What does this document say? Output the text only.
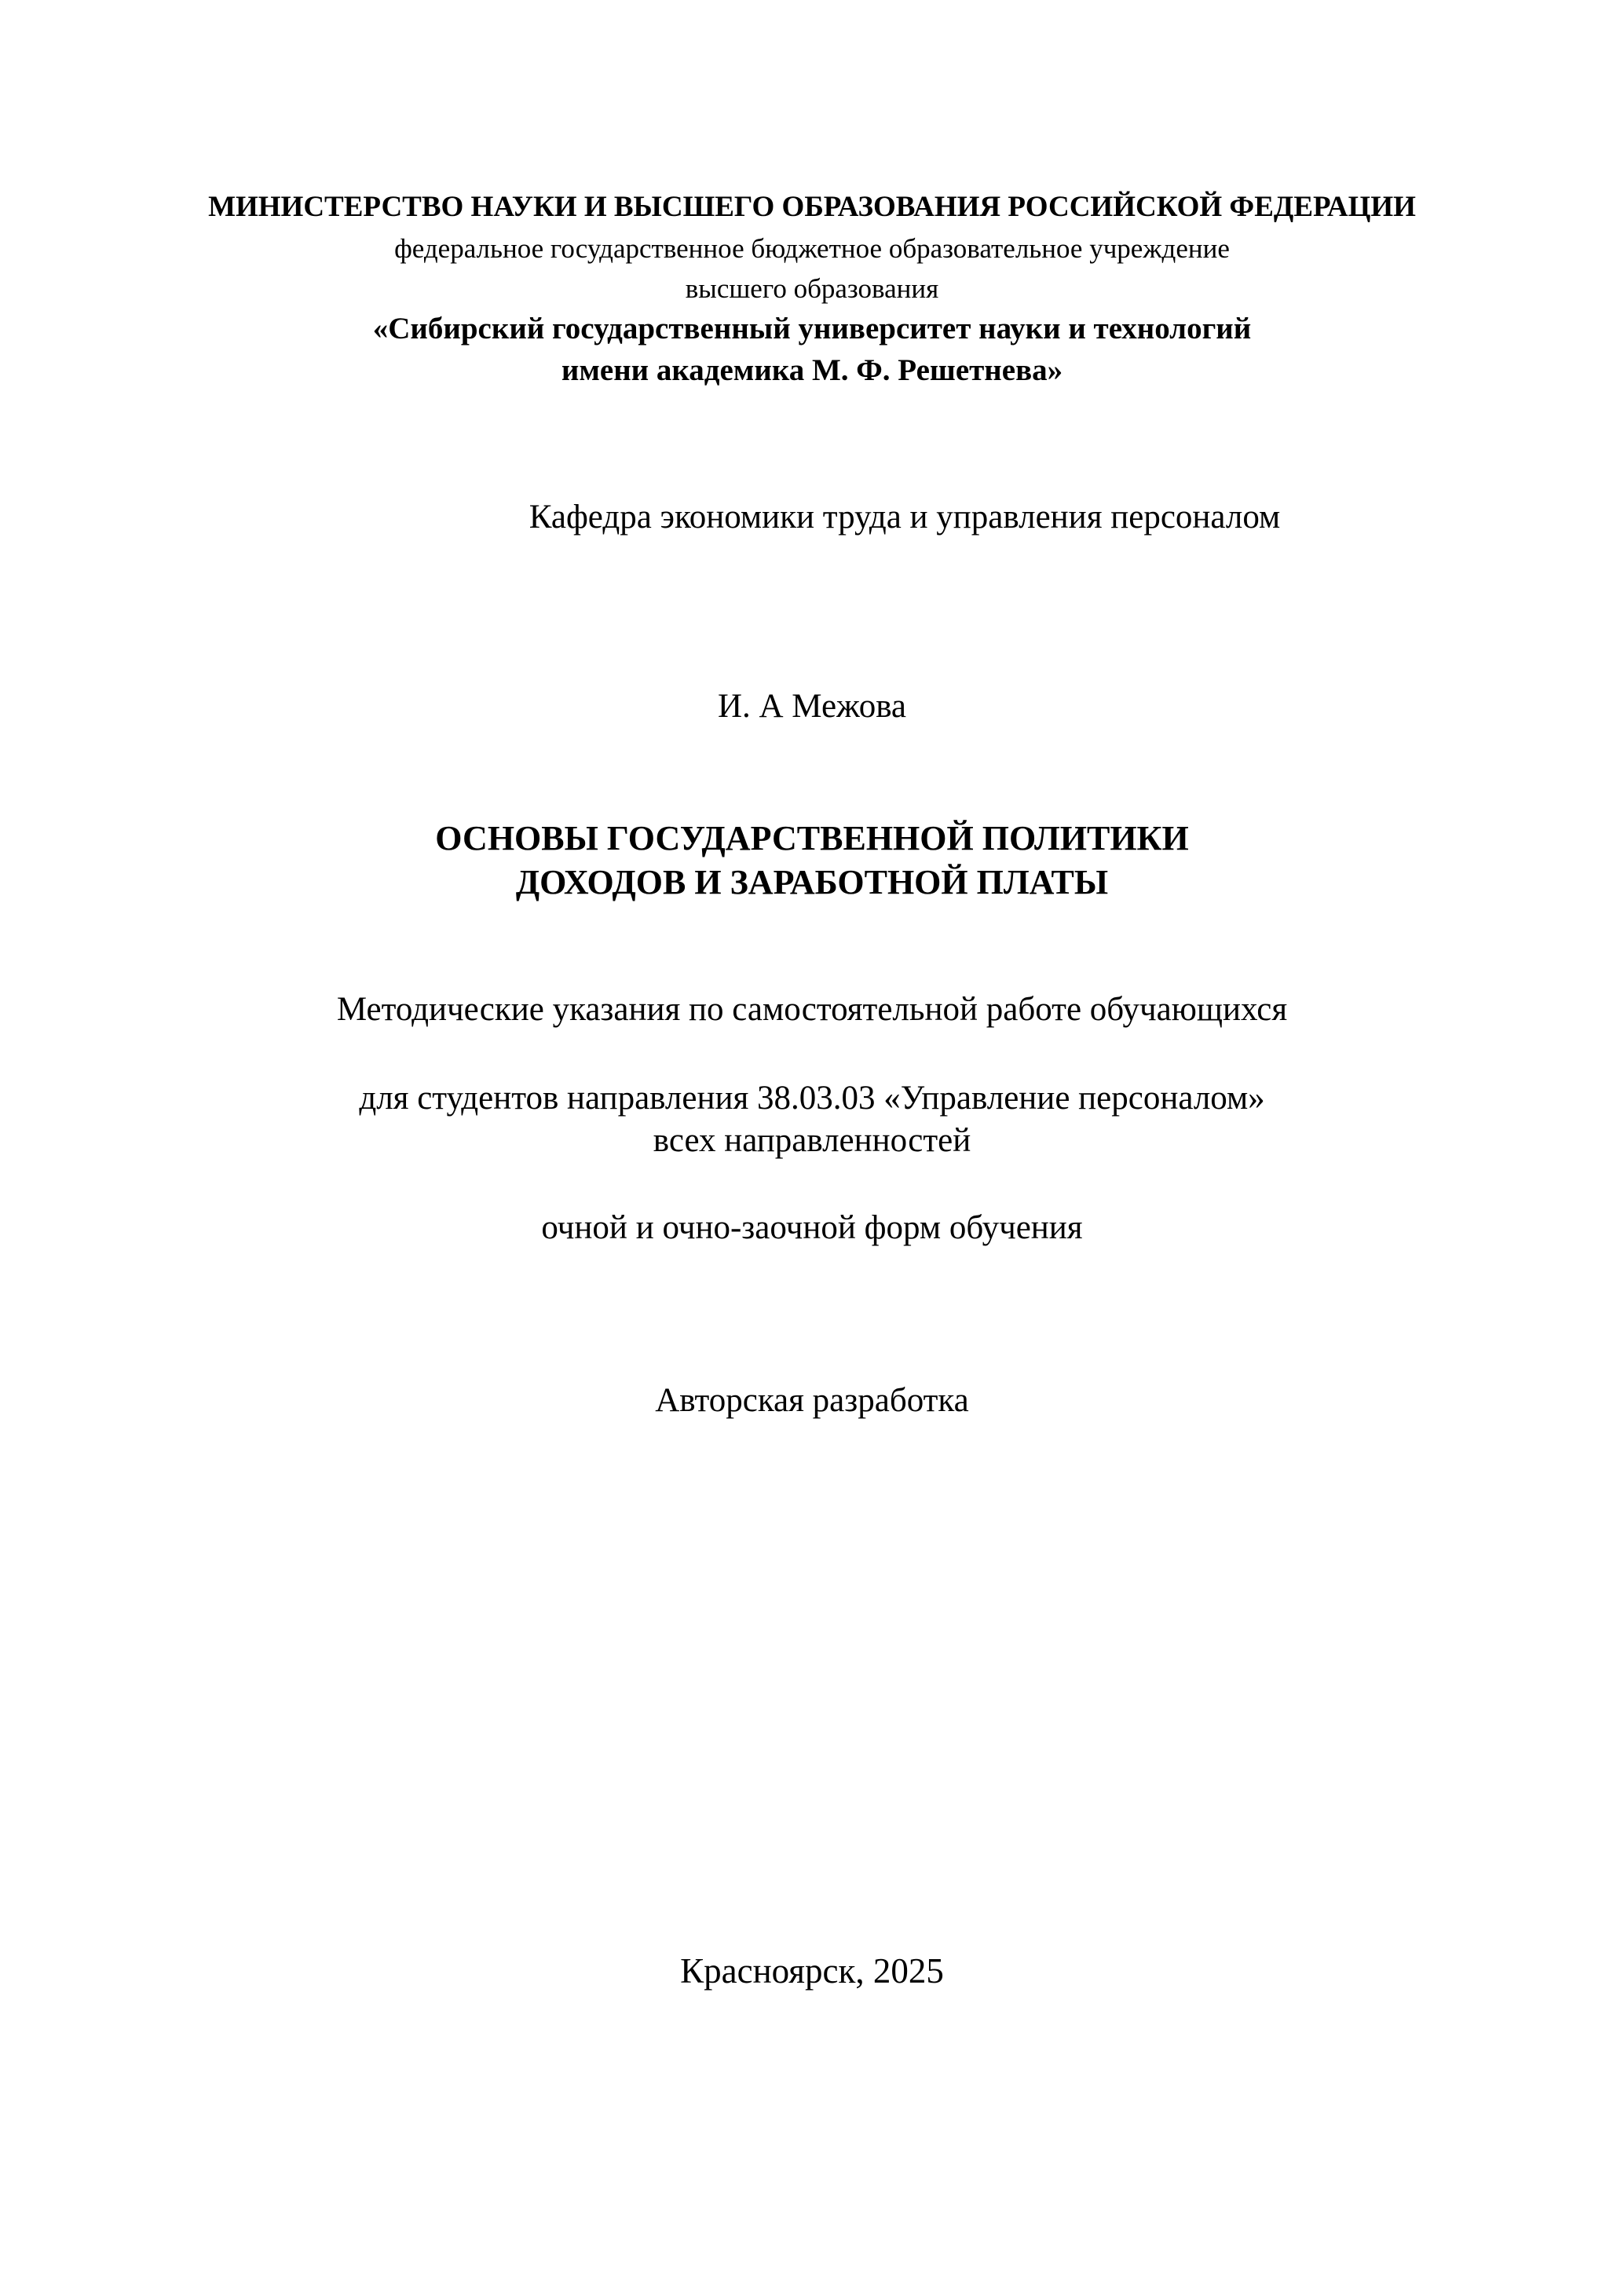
МИНИСТЕРСТВО НАУКИ И ВЫСШЕГО ОБРАЗОВАНИЯ РОССИЙСКОЙ ФЕДЕРАЦИИ
федеральное государственное бюджетное образовательное учреждение
высшего образования
«Сибирский государственный университет науки и технологий
имени академика М. Ф. Решетнева»
Кафедра экономики труда и управления персоналом
И. А Межова
ОСНОВЫ ГОСУДАРСТВЕННОЙ ПОЛИТИКИ
ДОХОДОВ И ЗАРАБОТНОЙ ПЛАТЫ
Методические указания по самостоятельной работе обучающихся
для студентов направления 38.03.03 «Управление персоналом»
всех направленностей
очной и очно-заочной форм обучения
Авторская разработка
Красноярск, 2025
